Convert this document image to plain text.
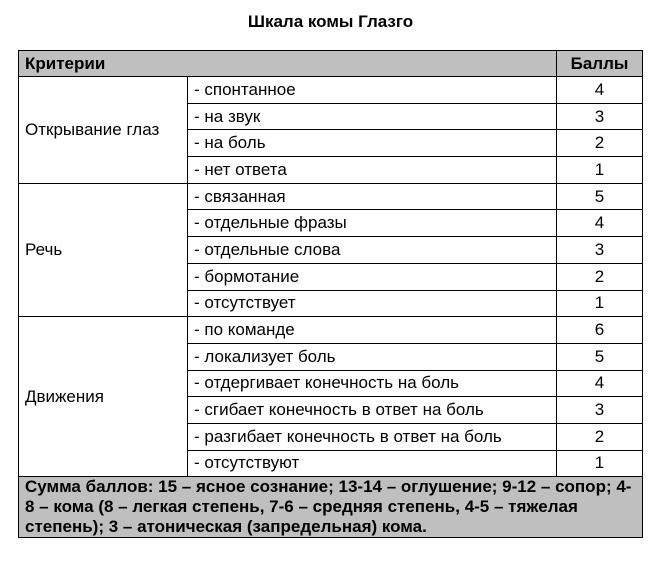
Шкала комы Глазго
Критерии		Баллы
Открывание глаз	- спонтанное	4
	- на звук	3
	- на боль	2
	- нет ответа	1
Речь	- связанная	5
	- отдельные фразы	4
	- отдельные слова	3
	- бормотание	2
	- отсутствует	1
Движения	- по команде	6
	- локализует боль	5
	- отдергивает конечность на боль	4
	- сгибает конечность в ответ на боль	3
	- разгибает конечность в ответ на боль	2
	- отсутствуют	1
Сумма баллов: 15 – ясное сознание; 13-14 – оглушение; 9-12 – сопор; 4-8 – кома (8 – легкая степень, 7-6 – средняя степень, 4-5 – тяжелая степень); 3 – атоническая (запредельная) кома.		
